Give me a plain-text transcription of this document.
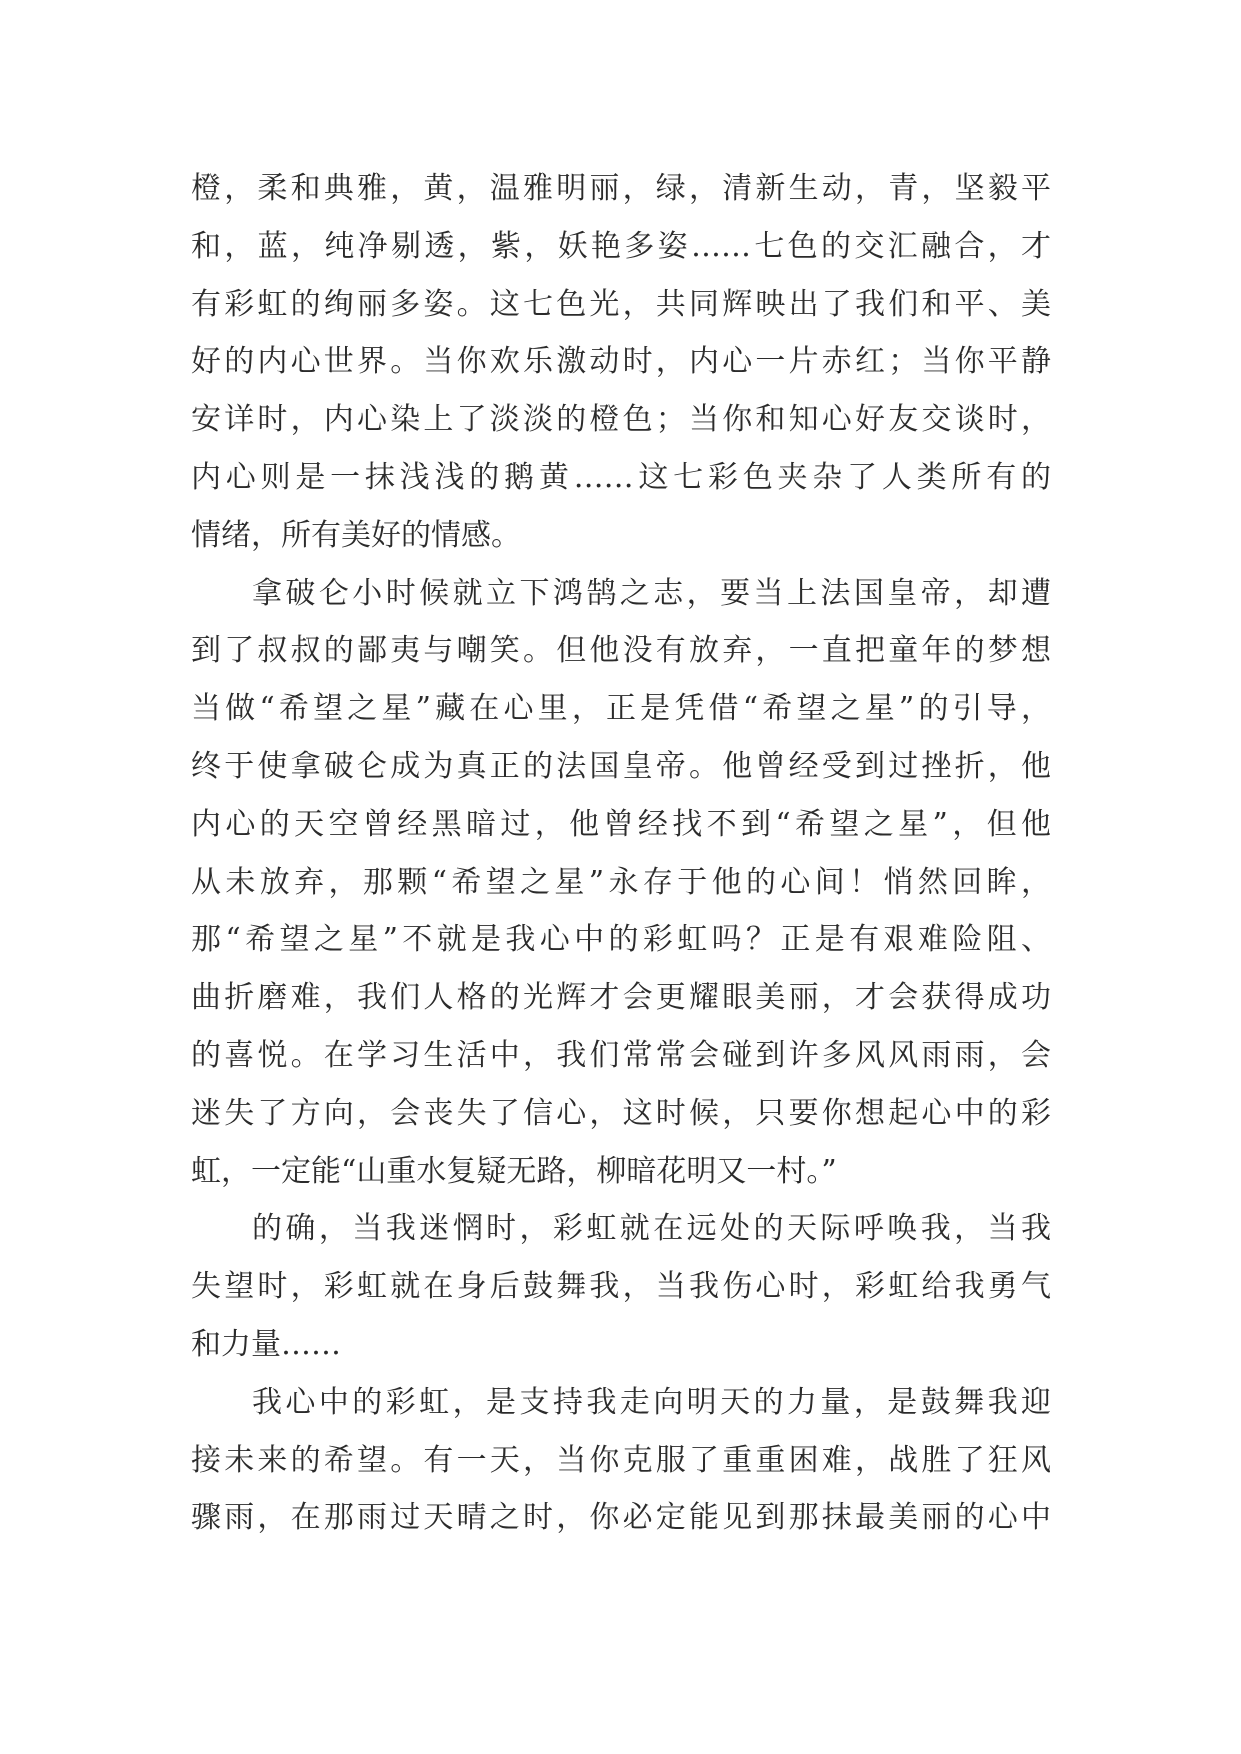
橙，柔和典雅，黄，温雅明丽，绿，清新生动，青，坚毅平
和，蓝，纯净剔透，紫，妖艳多姿……七色的交汇融合，才
有彩虹的绚丽多姿。这七色光，共同辉映出了我们和平、美
好的内心世界。当你欢乐激动时，内心一片赤红；当你平静
安详时，内心染上了淡淡的橙色；当你和知心好友交谈时，
内心则是一抹浅浅的鹅黄……这七彩色夹杂了人类所有的
情绪，所有美好的情感。
拿破仑小时候就立下鸿鹄之志，要当上法国皇帝，却遭
到了叔叔的鄙夷与嘲笑。但他没有放弃，一直把童年的梦想
当做“希望之星”藏在心里，正是凭借“希望之星”的引导，
终于使拿破仑成为真正的法国皇帝。他曾经受到过挫折，他
内心的天空曾经黑暗过，他曾经找不到“希望之星”，但他
从未放弃，那颗“希望之星”永存于他的心间！悄然回眸，
那“希望之星”不就是我心中的彩虹吗？正是有艰难险阻、
曲折磨难，我们人格的光辉才会更耀眼美丽，才会获得成功
的喜悦。在学习生活中，我们常常会碰到许多风风雨雨，会
迷失了方向，会丧失了信心，这时候，只要你想起心中的彩
虹，一定能“山重水复疑无路，柳暗花明又一村。”
的确，当我迷惘时，彩虹就在远处的天际呼唤我，当我
失望时，彩虹就在身后鼓舞我，当我伤心时，彩虹给我勇气
和力量……
我心中的彩虹，是支持我走向明天的力量，是鼓舞我迎
接未来的希望。有一天，当你克服了重重困难，战胜了狂风
骤雨，在那雨过天晴之时，你必定能见到那抹最美丽的心中
